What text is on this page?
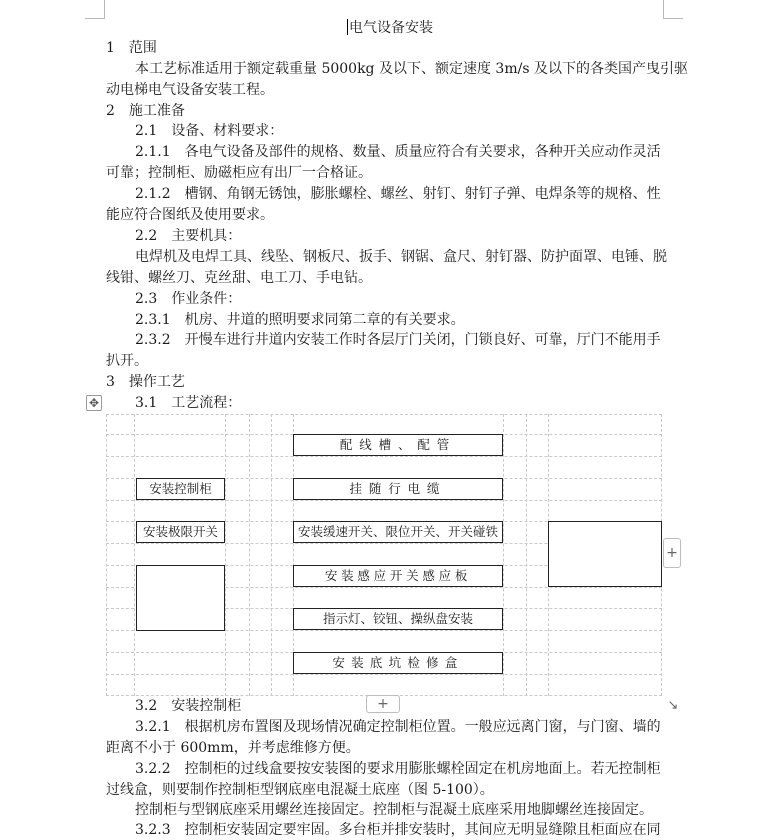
电气设备安装
1　范围
本工艺标准适用于额定载重量 5000kg 及以下、额定速度 3m/s 及以下的各类国产曳引驱
动电梯电气设备安装工程。
2　施工准备
2.1　设备、材料要求：
2.1.1　各电气设备及部件的规格、数量、质量应符合有关要求，各种开关应动作灵活
可靠；控制柜、励磁柜应有出厂一合格证。
2.1.2　槽钢、角钢无锈蚀，膨胀螺栓、螺丝、射钉、射钉子弹、电焊条等的规格、性
能应符合图纸及使用要求。
2.2　主要机具：
电焊机及电焊工具、线坠、钢板尺、扳手、钢锯、盒尺、射钉器、防护面罩、电锤、脱
线钳、螺丝刀、克丝甜、电工刀、手电钻。
2.3　作业条件：
2.3.1　机房、井道的照明要求同第二章的有关要求。
2.3.2　开慢车进行井道内安装工作时各层厅门关闭，门锁良好、可靠，厅门不能用手
扒开。
3　操作工艺
✥	3.1　工艺流程：
配线槽、配管
挂随行电缆
安装缓速开关、限位开关、开关碰铁
安装感应开关感应板
指示灯、铰钮、操纵盘安装
安装底坑检修盒
安装控制柜
安装极限开关
+
+	↘
3.2　安装控制柜
3.2.1　根据机房布置图及现场情况确定控制柜位置。一般应远离门窗，与门窗、墙的
距离不小于 600mm，并考虑维修方便。
3.2.2　控制柜的过线盒要按安装图的要求用膨胀螺栓固定在机房地面上。若无控制柜
过线盒，则要制作控制柜型钢底座电混凝土底座（图 5-100）。
控制柜与型钢底座采用螺丝连接固定。控制柜与混凝土底座采用地脚螺丝连接固定。
3.2.3　控制柜安装固定要牢固。多台柜并排安装时，其间应无明显缝隙且柜面应在同
